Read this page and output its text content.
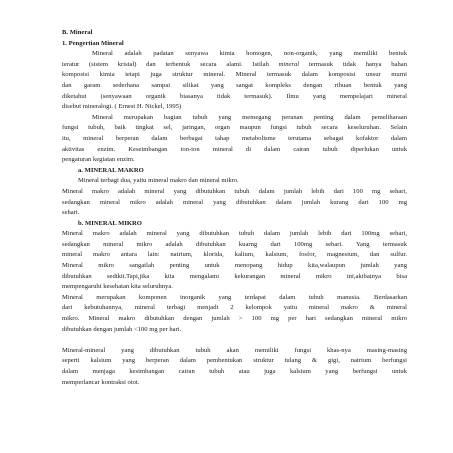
B. Mineral
1. Pengertian Mineral
Mineral adalah padatan senyawa kimia homogen, non-organik, yang memiliki bentuk
teratur (sistem kristal) dan terbentuk secara alami. Istilah mineral termasuk tidak hanya bahan
komposisi kimia tetapi juga struktur mineral. Mineral termasuk dalam komposisi unsur murni
dan garam sederhana sampai silikat yang sangat kompleks dengan ribuan bentuk yang
diketahui (senyawaan organik biasanya tidak termasuk). Ilmu yang mempelajari mineral
disebut mineralogi. ( Ernest H. Nickel, 1995)
Mineral merupakan bagian tubuh yang memegang peranan penting dalam pemeliharaan
fungsi tubuh, baik tingkat sel, jaringan, organ maupun fungsi tubuh secara keseluruhan. Selain
itu, mineral berperan dalam berbagai tahap metabolisme terutama sebagai kofaktor dalam
aktivitas enzim. Keseimbangan ion-ion mineral di dalam cairan tubuh diperlukan untuk
pengaturan kegiatan enzim.
a. MINERAL MAKRO
Mineral terbagi dua, yaitu mineral makro dan mineral mikro.
Mineral makro adalah mineral yang dibutuhkan tubuh dalam jumlah lebih dari 100 mg sehari,
sedangkan mineral mikro adalah mineral yang dibutuhkan dalam jumlah kurang dari 100 mg
sehari.
b. MINERAL MIKRO
Mineral makro adalah mineral yang dibutuhkan tubuh dalam jumlah lebih dari 100mg sehari,
sedangkan mineral mikro adalah dibutuhkan kuarng dari 100mg sehari. Yang termasuk
mineral makro antara lain: natrium, klorida, kalium, kalsium, fosfor, magnesium, dan sulfur.
Mineral mikro sangatlah penting untuk menopang hidup kita,walaupun jumlah yang
dibutuhkan sedikit.Tapi,jika kita mengalami kekurangan mineral mikro ini,akibatnya bisa
mempengaruhi kesehatan kita seluruhnya.
Mineral merupakan komponen inorganik yang terdapat dalam tubuh manusia. Berdasarkan
dari kebutuhannya, mineral terbagi menjadi 2 kelompok yaitu mineral makro & mineral
mikro. Mineral makro dibutuhkan dengan jumlah > 100 mg per hari sedangkan mineral mikro
dibutuhkan dengan jumlah <100 mg per hari.
Mineral-mineral yang dibutuhkan tubuh akan memiliki fungsi khas-nya masing-masing
seperti kalsium yang berperan dalam pembentukan struktur tulang & gigi, natrium berfungsi
dalam menjaga kesimbangan cairan tubuh atau juga kalsium yang berfungsi untuk
memperlancar kontraksi otot.
